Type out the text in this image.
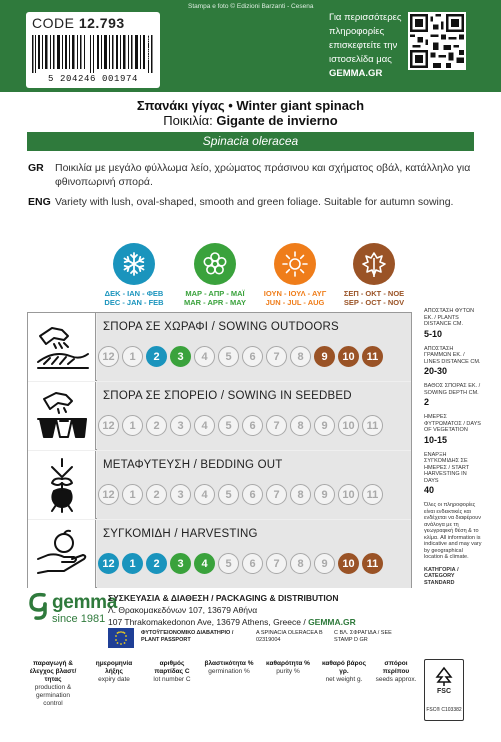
CODE 12.793
5 204246 001974
ΚΩΔ. 16 498
Stampa e foto © Edizioni Barzanti - Cesena
Για περισσότερες πληροφορίες επισκεφτείτε την ιστοσελίδα μας
GEMMA.GR
Σπανάκι γίγας • Winter giant spinach
Ποικιλία: Gigante de invierno
Spinacia oleracea
GR Ποικιλία με μεγάλο φύλλωμα λείο, χρώματος πράσινου και σχήματος οβάλ, κατάλληλο για φθινοπωρινή σπορά.
ENG Variety with lush, oval-shaped, smooth and green foliage. Suitable for autumn sowing.
ΔΕΚ - ΙΑΝ - ΦΕΒ
DEC - JAN - FEB
ΜΑΡ - ΑΠΡ - ΜΑΪ
MAR - APR - MAY
ΙΟΥΝ - ΙΟΥΛ - ΑΥΓ
JUN - JUL - AUG
ΣΕΠ - ΟΚΤ - ΝΟΕ
SEP - OCT - NOV
ΣΠΟΡΑ ΣΕ ΧΩΡΑΦΙ / SOWING OUTDOORS
12	1	2	3	4	5	6	7	8	9	10	11
ΣΠΟΡΑ ΣΕ ΣΠΟΡΕΙΟ / SOWING IN SEEDBED
12	1	2	3	4	5	6	7	8	9	10	11
ΜΕΤΑΦΥΤΕΥΣΗ / BEDDING OUT
12	1	2	3	4	5	6	7	8	9	10	11
ΣΥΓΚΟΜΙΔΗ / HARVESTING
12	1	2	3	4	5	6	7	8	9	10	11
ΑΠΟΣΤΑΣΗ ΦΥΤΩΝ ΕΚ. / PLANTS DISTANCE CM.
5-10
ΑΠΟΣΤΑΣΗ ΓΡΑΜΜΩΝ ΕΚ. / LINES DISTANCE CM.
20-30
ΒΑΘΟΣ ΣΠΟΡΑΣ ΕΚ. / SOWING DEPTH CM.
2
ΗΜΕΡΕΣ ΦΥΤΡΩΜΑΤΟΣ / DAYS OF VEGETATION
10-15
ΕΝΑΡΞΗ ΣΥΓΚΟΜΙΔΗΣ ΣΕ ΗΜΕΡΕΣ / START HARVESTING IN DAYS
40
Όλες οι πληροφορίες είναι ενδεικτικές και ενδέχεται να διαφέρουν ανάλογα με τη γεωγραφική θέση & το κλίμα. All information is indicative and may vary by geographical location & climate.
ΚΑΤΗΓΟΡΙΑ / CATEGORY STANDARD
gemma
since 1981
ΣΥΣΚΕΥΑΣΙΑ & ΔΙΑΘΕΣΗ / PACKAGING & DISTRIBUTION
Λ. Θρακομακεδόνων 107, 13679 Αθήνα
107 Thrakomakedonon Ave, 13679 Athens, Greece / GEMMA.GR
ΦΥΤΟΫΓΕΙΟΝΟΜΙΚΟ ΔΙΑΒΑΤΗΡΙΟ / PLANT PASSPORT
A SPINACIA OLERACEA B 02319004
C ΒΛ. ΣΦΡΑΓΙΔΑ / SEE STAMP D GR
παραγωγή & έλεγχος βλαστ/τητας
production & germination control
ημερομηνία λήξης
expiry date
αριθμός παρτίδας C
lot number C
βλαστικότητα %
germination %
καθαρότητα %
purity %
καθαρό βάρος γρ.
net weight g.
σπόροι περίπου
seeds approx.
FSC
FSC® C103382
